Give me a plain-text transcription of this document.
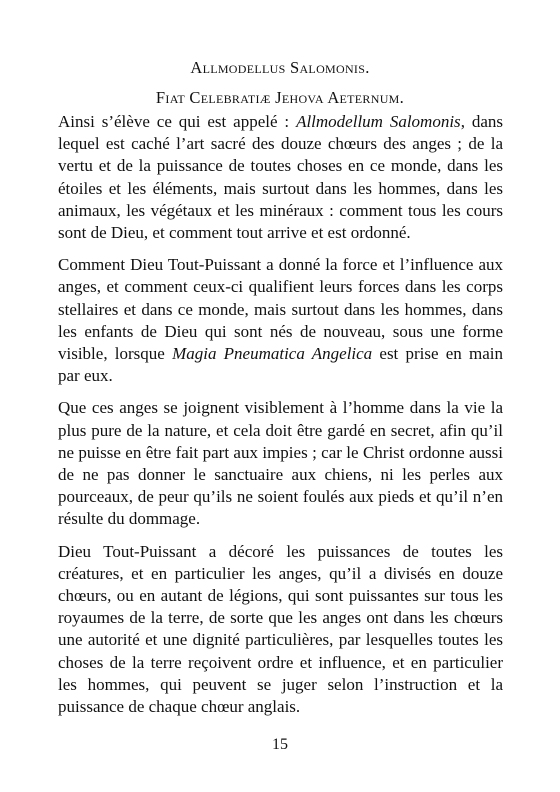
Allmodellus Salomonis.
Fiat Celebratiæ Jehova Aeternum.

Ainsi s’élève ce qui est appelé : Allmodellum Salomonis, dans lequel est caché l’art sacré des douze chœurs des anges ; de la vertu et de la puissance de toutes choses en ce monde, dans les étoiles et les éléments, mais surtout dans les hommes, dans les animaux, les végétaux et les minéraux : comment tous les cours sont de Dieu, et comment tout arrive et est ordonné.

Comment Dieu Tout-Puissant a donné la force et l’influence aux anges, et comment ceux-ci qualifient leurs forces dans les corps stellaires et dans ce monde, mais surtout dans les hommes, dans les enfants de Dieu qui sont nés de nouveau, sous une forme visible, lorsque Magia Pneumatica Angelica est prise en main par eux.

Que ces anges se joignent visiblement à l’homme dans la vie la plus pure de la nature, et cela doit être gardé en secret, afin qu’il ne puisse en être fait part aux impies ; car le Christ ordonne aussi de ne pas donner le sanctuaire aux chiens, ni les perles aux pourceaux, de peur qu’ils ne soient foulés aux pieds et qu’il n’en résulte du dommage.

Dieu Tout-Puissant a décoré les puissances de toutes les créatures, et en particulier les anges, qu’il a divisés en douze chœurs, ou en autant de légions, qui sont puissantes sur tous les royaumes de la terre, de sorte que les anges ont dans les chœurs une autorité et une dignité particulières, par lesquelles toutes les choses de la terre reçoivent ordre et influence, et en particulier les hommes, qui peuvent se juger selon l’instruction et la puissance de chaque chœur anglais.

15
